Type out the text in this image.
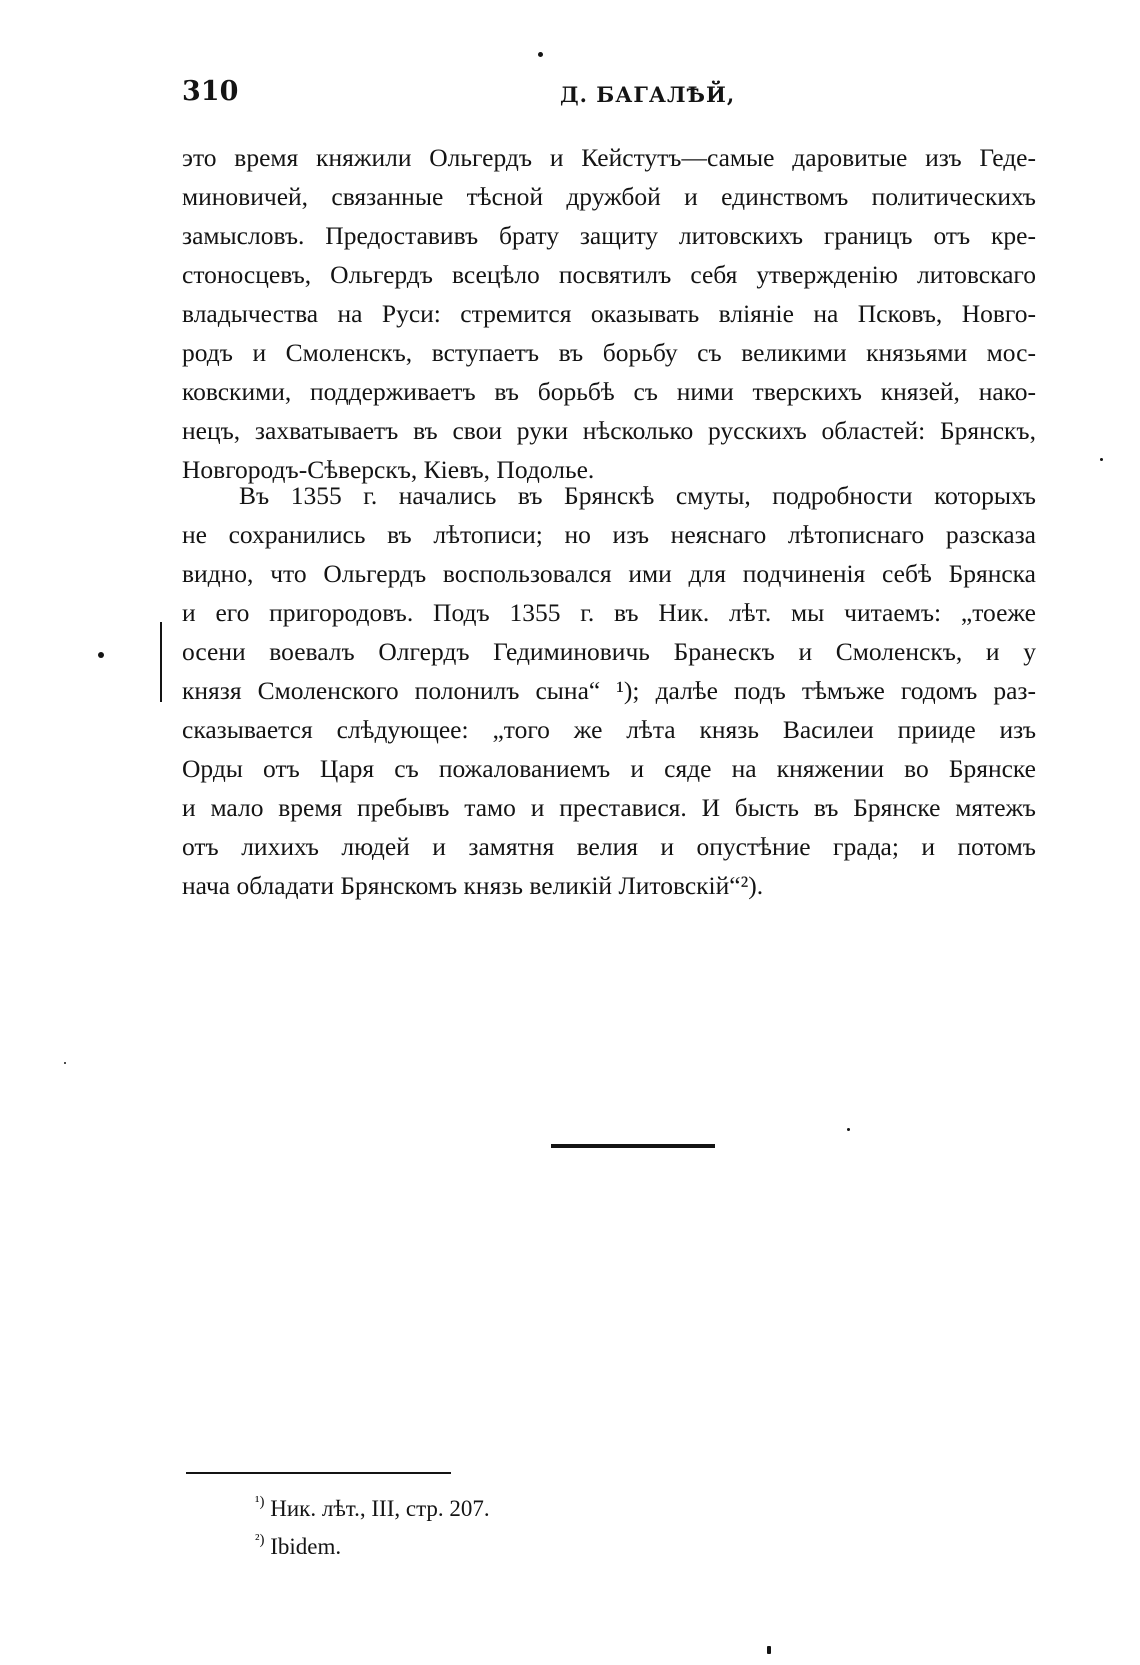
310	Д. БАГАЛѢЙ,
это время княжили Ольгердъ и Кейстутъ—самые даровитые изъ Геде-
миновичей, связанные тѣсной дружбой и единствомъ политическихъ
замысловъ. Предоставивъ брату защиту литовскихъ границъ отъ кре-
стоносцевъ, Ольгердъ всецѣло посвятилъ себя утвержденію литовскаго
владычества на Руси: стремится оказывать вліяніе на Псковъ, Новго-
родъ и Смоленскъ, вступаетъ въ борьбу съ великими князьями мос-
ковскими, поддерживаетъ въ борьбѣ съ ними тверскихъ князей, нако-
нецъ, захватываетъ въ свои руки нѣсколько русскихъ областей: Брянскъ,
Новгородъ-Сѣверскъ, Кіевъ, Подолье.
Въ 1355 г. начались въ Брянскѣ смуты, подробности которыхъ
не сохранились въ лѣтописи; но изъ неяснаго лѣтописнаго разсказа
видно, что Ольгердъ воспользовался ими для подчиненія себѣ Брянска
и его пригородовъ. Подъ 1355 г. въ Ник. лѣт. мы читаемъ: „тоеже
осени воевалъ Олгердъ Гедиминовичь Бранескъ и Смоленскъ, и у
князя Смоленского полонилъ сына“ ¹); далѣе подъ тѣмъже годомъ раз-
сказывается слѣдующее: „того же лѣта князь Василеи прииде изъ
Орды отъ Царя съ пожалованиемъ и сяде на княжении во Брянске
и мало время пребывъ тамо и преставися. И бысть въ Брянске мятежъ
отъ лихихъ людей и замятня велия и опустѣние града; и потомъ
нача обладати Брянскомъ князь великій Литовскій“²).
$^{^1)}$ Ник. лѣт., III, стр. 207.
$^{^2)}$ Ibidem.
